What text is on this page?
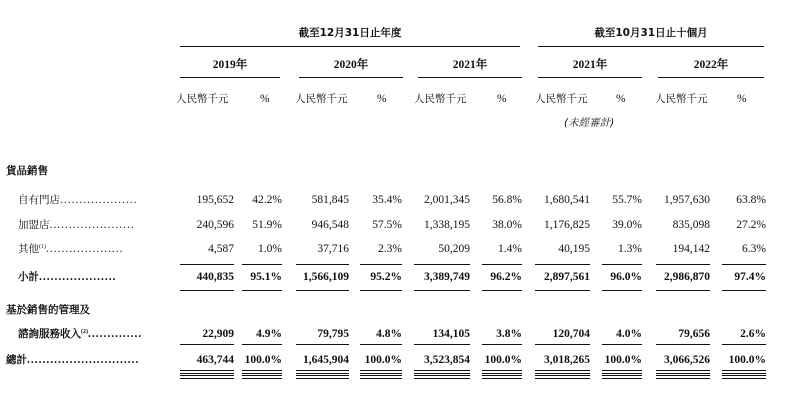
截至12月31日止年度	截至10月31日止十個月
2019年	2020年	2021年	2021年	2022年
人民幣千元	% 人民幣千元	%	人民幣千元	%	人民幣千元 %	人民幣千元	%
(未經審計)
貨品銷售
自有門店....................	195,652	42.2%	581,845	35.4%	2,001,345	56.8%	1,680,541	55.7%	1,957,630	63.8%
加盟店......................	240,596	51.9%	946,548	57.5%	1,338,195	38.0%	1,176,825	39.0%	835,098	27.2%
其他$^{(1)}$....................	4,587	1.0%	37,716	2.3%	50,209	1.4%	40,195	1.3%	194,142	6.3%
小計....................	440,835	95.1%	1,566,109	95.2%	3,389,749	96.2%	2,897,561	96.0%	2,986,870	97.4%
諮詢服務收入$^{(2)}$..............	22,909	4.9%	79,795	4.8%	134,105	3.8%	120,704	4.0%	79,656	2.6%
總計.............................	463,744 100.0%	1,645,904	100.0%	3,523,854	100.0%	3,018,265	100.0%	3,066,526	100.0%
基於銷售的管理及
